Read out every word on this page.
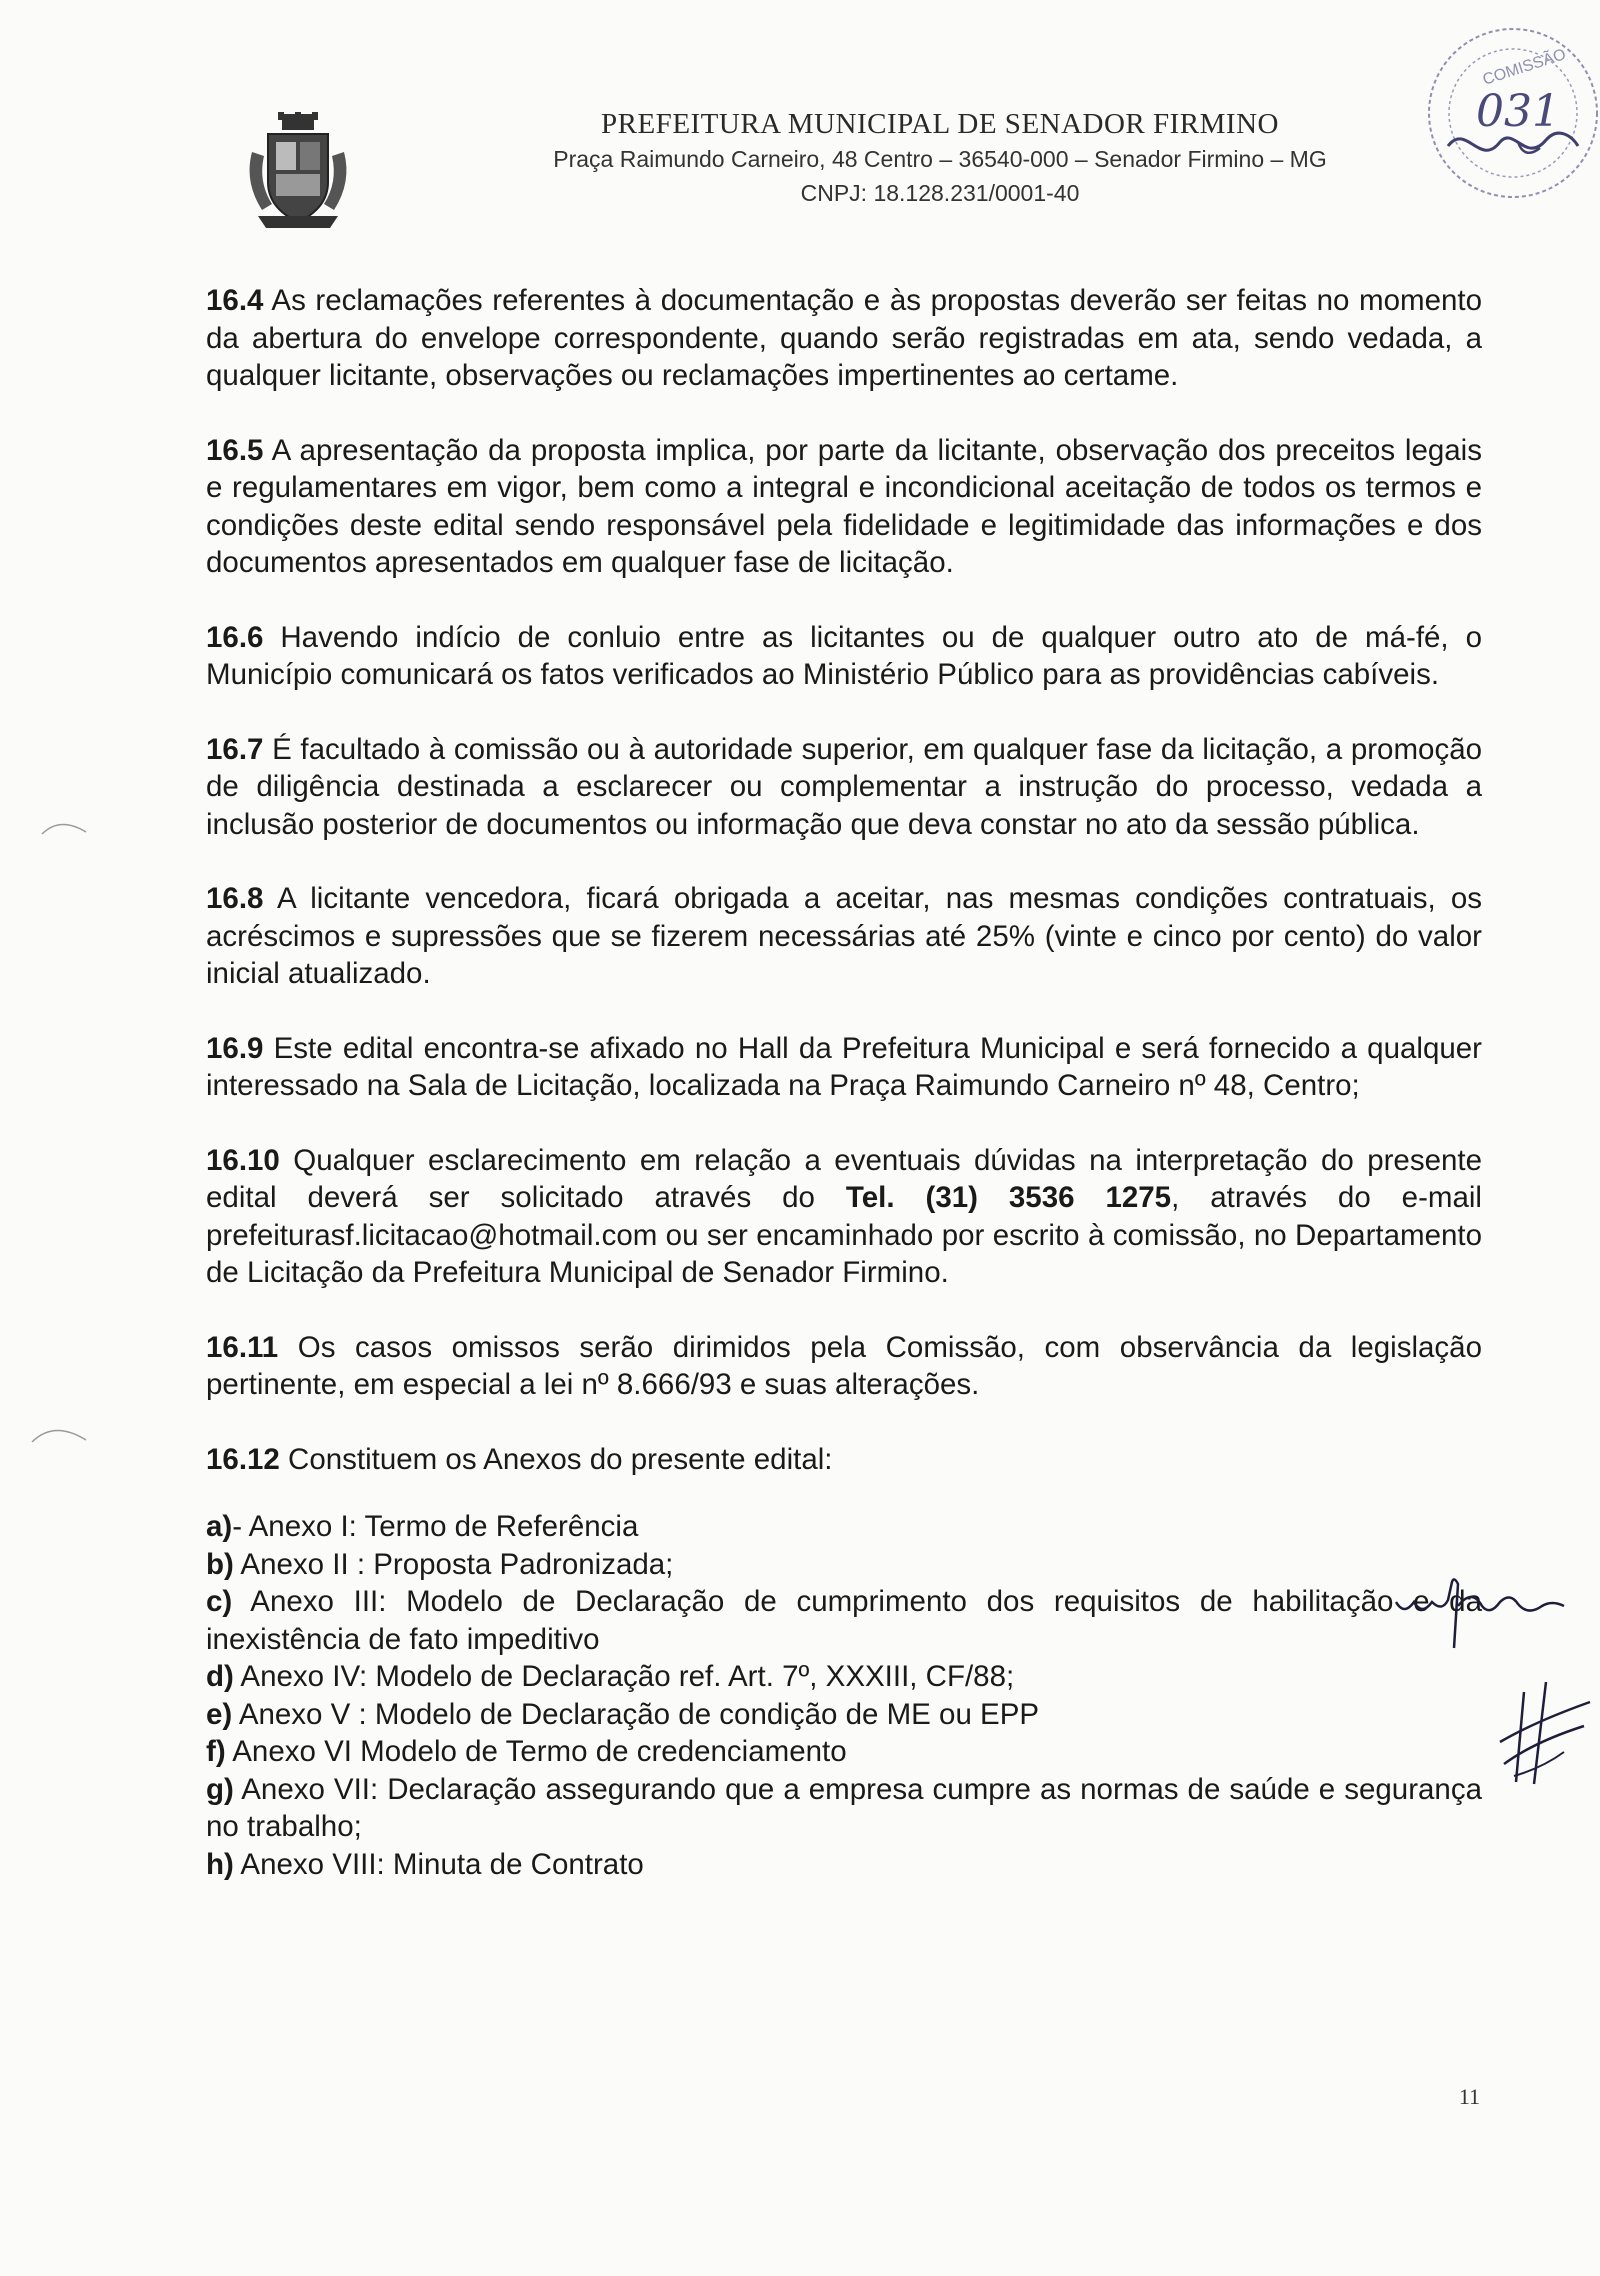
PREFEITURA MUNICIPAL DE SENADOR FIRMINO
Praça Raimundo Carneiro, 48 Centro – 36540-000 – Senador Firmino – MG
CNPJ: 18.128.231/0001-40
COMISSÃO
031

16.4 As reclamações referentes à documentação e às propostas deverão ser feitas no momento da abertura do envelope correspondente, quando serão registradas em ata, sendo vedada, a qualquer licitante, observações ou reclamações impertinentes ao certame.

16.5 A apresentação da proposta implica, por parte da licitante, observação dos preceitos legais e regulamentares em vigor, bem como a integral e incondicional aceitação de todos os termos e condições deste edital sendo responsável pela fidelidade e legitimidade das informações e dos documentos apresentados em qualquer fase de licitação.

16.6 Havendo indício de conluio entre as licitantes ou de qualquer outro ato de má-fé, o Município comunicará os fatos verificados ao Ministério Público para as providências cabíveis.

16.7 É facultado à comissão ou à autoridade superior, em qualquer fase da licitação, a promoção de diligência destinada a esclarecer ou complementar a instrução do processo, vedada a inclusão posterior de documentos ou informação que deva constar no ato da sessão pública.

16.8 A licitante vencedora, ficará obrigada a aceitar, nas mesmas condições contratuais, os acréscimos e supressões que se fizerem necessárias até 25% (vinte e cinco por cento) do valor inicial atualizado.

16.9 Este edital encontra-se afixado no Hall da Prefeitura Municipal e será fornecido a qualquer interessado na Sala de Licitação, localizada na Praça Raimundo Carneiro nº 48, Centro;

16.10 Qualquer esclarecimento em relação a eventuais dúvidas na interpretação do presente edital deverá ser solicitado através do Tel. (31) 3536 1275, através do e-mail prefeiturasf.licitacao@hotmail.com ou ser encaminhado por escrito à comissão, no Departamento de Licitação da Prefeitura Municipal de Senador Firmino.

16.11 Os casos omissos serão dirimidos pela Comissão, com observância da legislação pertinente, em especial a lei nº 8.666/93 e suas alterações.

16.12 Constituem os Anexos do presente edital:

a)- Anexo I: Termo de Referência

b) Anexo II : Proposta Padronizada;

c) Anexo III: Modelo de Declaração de cumprimento dos requisitos de habilitação e da inexistência de fato impeditivo

d) Anexo IV: Modelo de Declaração ref. Art. 7º, XXXIII, CF/88;

e) Anexo V : Modelo de Declaração de condição de ME ou EPP

f) Anexo VI Modelo de Termo de credenciamento

g) Anexo VII: Declaração assegurando que a empresa cumpre as normas de saúde e segurança no trabalho;

h) Anexo VIII: Minuta de Contrato

11
